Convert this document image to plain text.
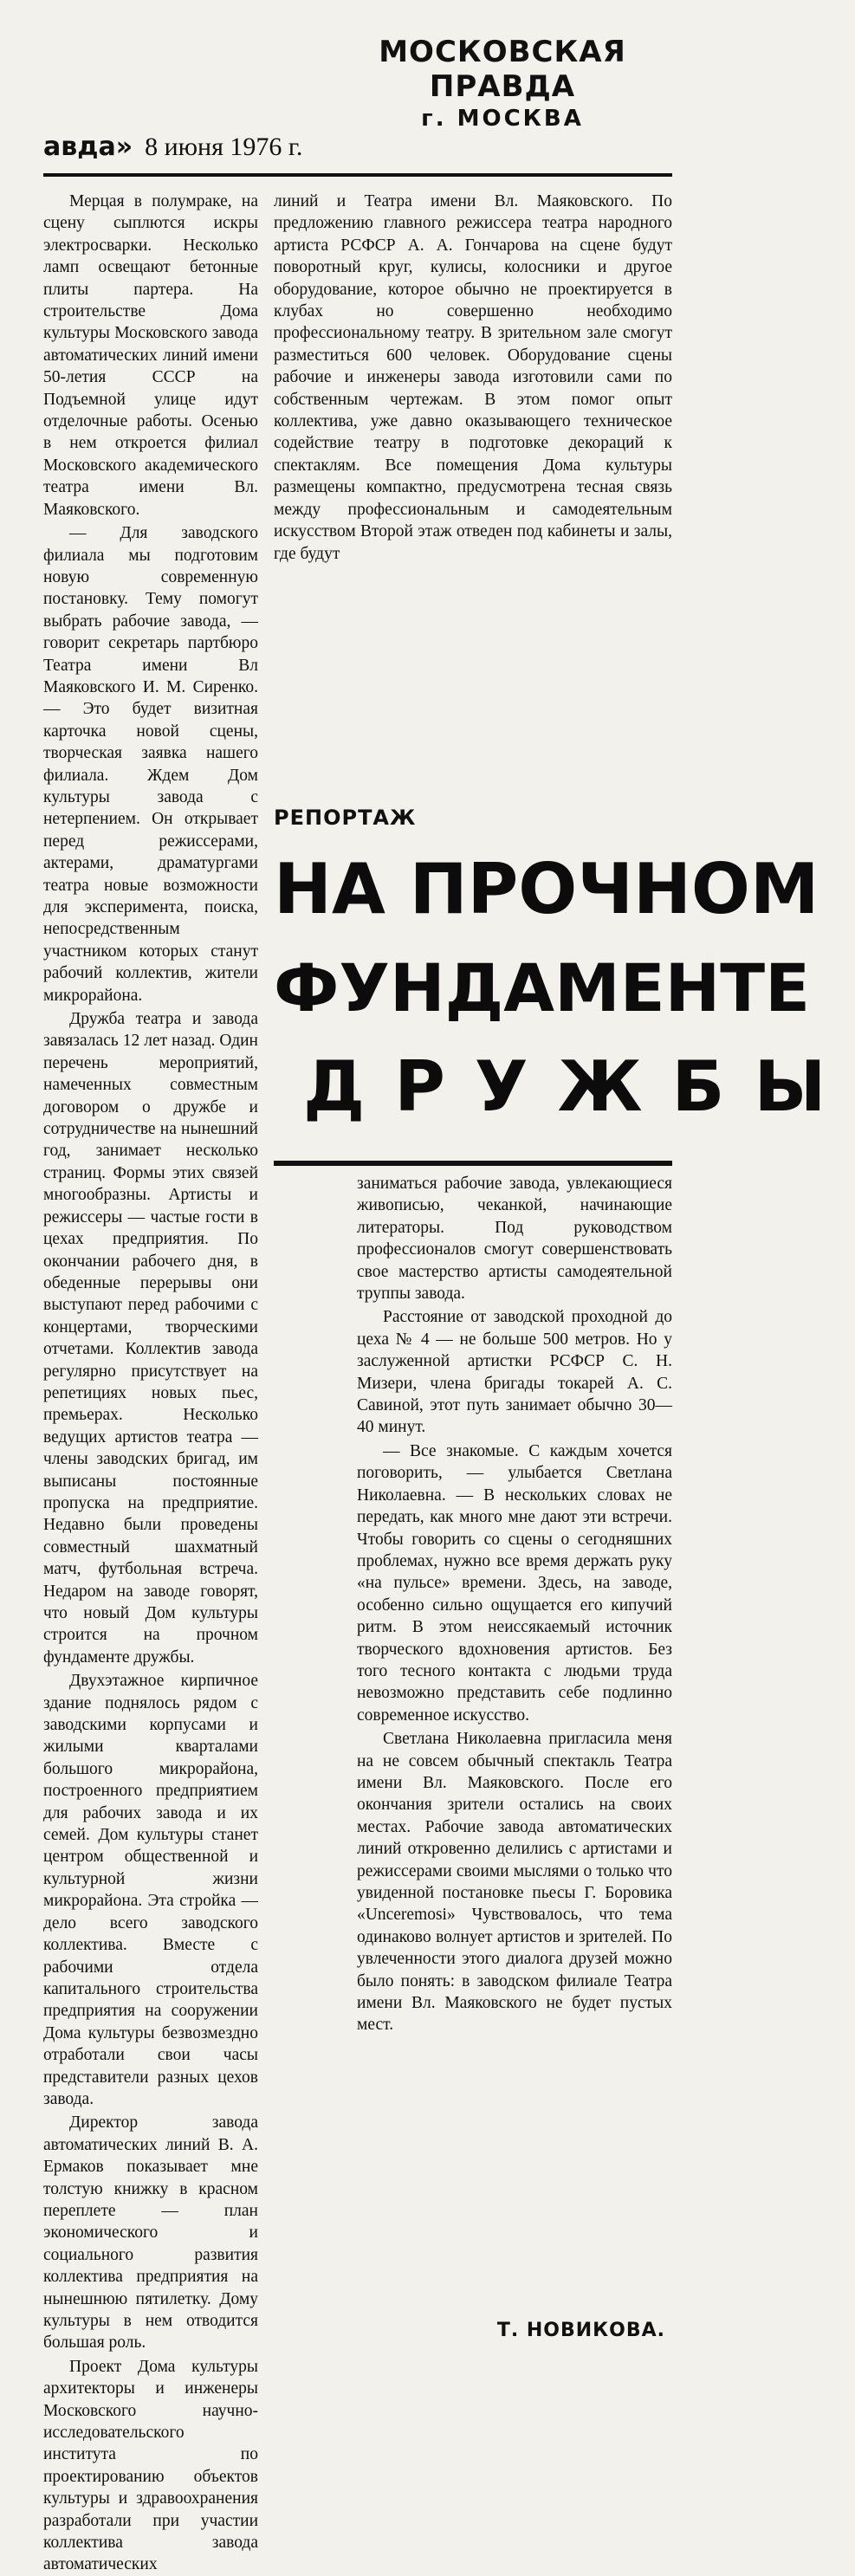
МОСКОВСКАЯ ПРАВДА
г. МОСКВА
авда» 8 июня 1976 г.

Мерцая в полумраке, на сцену сыплются искры электросварки. Несколько ламп освещают бетонные плиты партера. На строительстве Дома культуры Московского завода автоматических линий имени 50-летия СССР на Подъемной улице идут отделочные работы. Осенью в нем откроется филиал Московского академического театра имени Вл. Маяковского.

— Для заводского филиала мы подготовим новую современную постановку. Тему помогут выбрать рабочие завода, — говорит секретарь партбюро Театра имени Вл Маяковского И. М. Сиренко. — Это будет визитная карточка новой сцены, творческая заявка нашего филиала. Ждем Дом культуры завода с нетерпением. Он открывает перед режиссерами, актерами, драматургами театра новые возможности для эксперимента, поиска, непосредственным участником которых станут рабочий коллектив, жители микрорайона.

Дружба театра и завода завязалась 12 лет назад. Один перечень мероприятий, намеченных совместным договором о дружбе и сотрудничестве на нынешний год, занимает несколько страниц. Формы этих связей многообразны. Артисты и режиссеры — частые гости в цехах предприятия. По окончании рабочего дня, в обеденные перерывы они выступают перед рабочими с концертами, творческими отчетами. Коллектив завода регулярно присутствует на репетициях новых пьес, премьерах. Несколько ведущих артистов театра — члены заводских бригад, им выписаны постоянные пропуска на предприятие. Недавно были проведены совместный шахматный матч, футбольная встреча. Недаром на заводе говорят, что новый Дом культуры строится на прочном фундаменте дружбы.

Двухэтажное кирпичное здание поднялось рядом с заводскими корпусами и жилыми кварталами большого микрорайона, построенного предприятием для рабочих завода и их семей. Дом культуры станет центром общественной и культурной жизни микрорайона. Эта стройка — дело всего заводского коллектива. Вместе с рабочими отдела капитального строительства предприятия на сооружении Дома культуры безвозмездно отработали свои часы представители разных цехов завода.

Директор завода автоматических линий В. А. Ермаков показывает мне толстую книжку в красном переплете — план экономического и социального развития коллектива предприятия на нынешнюю пятилетку. Дому культуры в нем отводится большая роль.

Проект Дома культуры архитекторы и инженеры Московского научно-исследовательского института по проектированию объектов культуры и здравоохранения разработали при участии коллектива завода автоматических

линий и Театра имени Вл. Маяковского. По предложению главного режиссера театра народного артиста РСФСР А. А. Гончарова на сцене будут поворотный круг, кулисы, колосники и другое оборудование, которое обычно не проектируется в клубах но совершенно необходимо профессиональному театру. В зрительном зале смогут разместиться 600 человек. Оборудование сцены рабочие и инженеры завода изготовили сами по собственным чертежам. В этом помог опыт коллектива, уже давно оказывающего техническое содействие театру в подготовке декораций к спектаклям. Все помещения Дома культуры размещены компактно, предусмотрена тесная связь между профессиональным и самодеятельным искусством Второй этаж отведен под кабинеты и залы, где будут

РЕПОРТАЖ
НА ПРОЧНОМ
ФУНДАМЕНТЕ
ДРУЖБЫ

заниматься рабочие завода, увлекающиеся живописью, чеканкой, начинающие литераторы. Под руководством профессионалов смогут совершенствовать свое мастерство артисты самодеятельной труппы завода.

Расстояние от заводской проходной до цеха № 4 — не больше 500 метров. Но у заслуженной артистки РСФСР С. Н. Мизери, члена бригады токарей А. С. Савиной, этот путь занимает обычно 30—40 минут.

— Все знакомые. С каждым хочется поговорить, — улыбается Светлана Николаевна. — В нескольких словах не передать, как много мне дают эти встречи. Чтобы говорить со сцены о сегодняшних проблемах, нужно все время держать руку «на пульсе» времени. Здесь, на заводе, особенно сильно ощущается его кипучий ритм. В этом неиссякаемый источник творческого вдохновения артистов. Без того тесного контакта с людьми труда невозможно представить себе подлинно современное искусство.

Светлана Николаевна пригласила меня на не совсем обычный спектакль Театра имени Вл. Маяковского. После его окончания зрители остались на своих местах. Рабочие завода автоматических линий откровенно делились с артистами и режиссерами своими мыслями о только что увиденной постановке пьесы Г. Боровика «Unceremosi» Чувствовалось, что тема одинаково волнует артистов и зрителей. По увлеченности этого диалога друзей можно было понять: в заводском филиале Театра имени Вл. Маяковского не будет пустых мест.

Т. НОВИКОВА.
